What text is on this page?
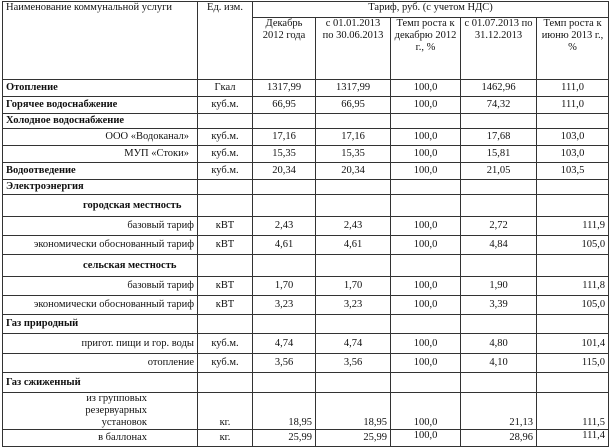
Наименование коммунальной услуги	Ед. изм.	Тариф, руб. (с учетом НДС)				
		Декабрь 2012 года	с 01.01.2013 по 30.06.2013	Темп роста к декабрю 2012 г., %	с 01.07.2013 по 31.12.2013	Темп роста к июню 2013 г., %
Отопление	Гкал	1317,99	1317,99	100,0	1462,96	111,0
Горячее водоснабжение	куб.м.	66,95	66,95	100,0	74,32	111,0
Холодное водоснабжение						
ООО «Водоканал»	куб.м.	17,16	17,16	100,0	17,68	103,0
МУП «Стоки»	куб.м.	15,35	15,35	100,0	15,81	103,0
Водоотведение	куб.м.	20,34	20,34	100,0	21,05	103,5
Электроэнергия						
городская местность						
базовый тариф	кВТ	2,43	2,43	100,0	2,72	111,9
экономически обоснованный тариф	кВТ	4,61	4,61	100,0	4,84	105,0
сельская местность						
базовый тариф	кВТ	1,70	1,70	100,0	1,90	111,8
экономически обоснованный тариф	кВТ	3,23	3,23	100,0	3,39	105,0
Газ природный						
пригот. пищи и гор. воды	куб.м.	4,74	4,74	100,0	4,80	101,4
отопление	куб.м.	3,56	3,56	100,0	4,10	115,0
Газ сжиженный						
из групповых резервуарных установок	кг.	18,95	18,95	100,0	21,13	111,5
в баллонах	кг.	25,99	25,99	100,0	28,96	111,4
